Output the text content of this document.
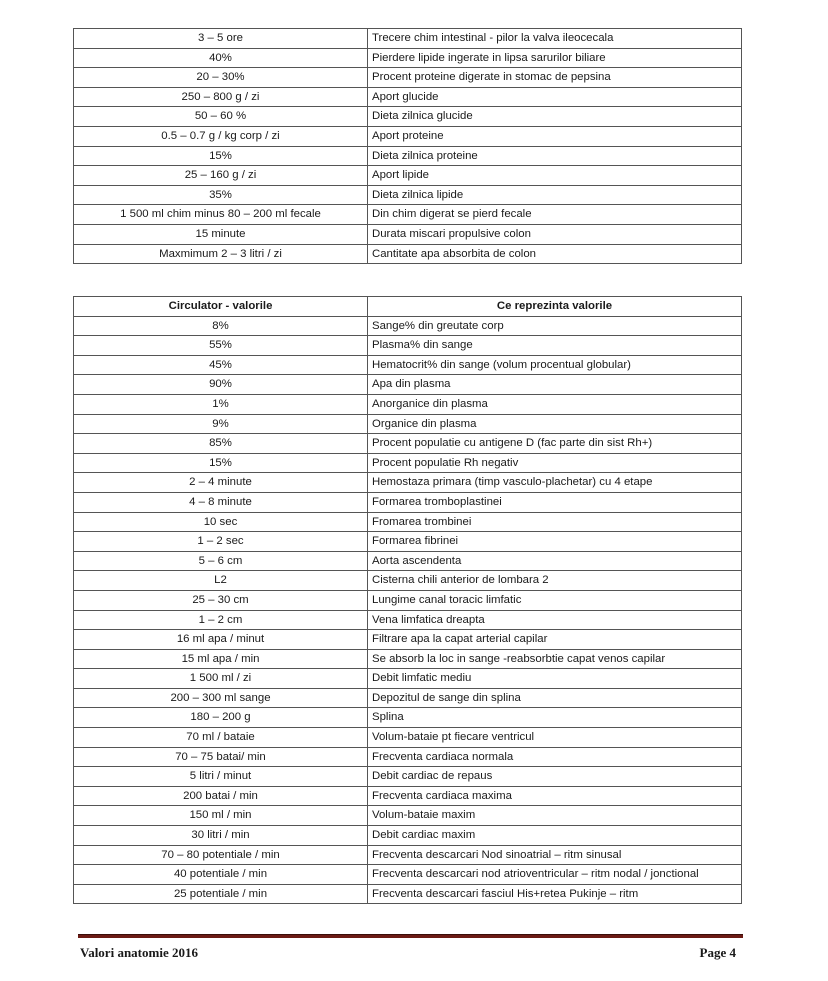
3 – 5 ore	Trecere chim intestinal - pilor la valva ileocecala
40%	Pierdere lipide ingerate in lipsa sarurilor biliare
20 – 30%	Procent proteine digerate in stomac de pepsina
250 – 800 g / zi	Aport glucide
50 – 60 %	Dieta zilnica glucide
0.5 – 0.7 g / kg corp / zi	Aport proteine
15%	Dieta zilnica proteine
25 – 160 g / zi	Aport lipide
35%	Dieta zilnica lipide
1 500 ml chim minus 80 – 200 ml fecale	Din chim digerat se pierd fecale
15 minute	Durata miscari propulsive colon
Maxmimum 2 – 3 litri / zi	Cantitate apa absorbita de colon
Circulator - valorile	Ce reprezinta valorile
8%	Sange% din greutate corp
55%	Plasma% din sange
45%	Hematocrit% din sange (volum procentual globular)
90%	Apa din plasma
1%	Anorganice din plasma
9%	Organice din plasma
85%	Procent populatie cu antigene D (fac parte din sist Rh+)
15%	Procent populatie Rh negativ
2 – 4 minute	Hemostaza primara (timp vasculo-plachetar) cu 4 etape
4 – 8 minute	Formarea tromboplastinei
10 sec	Fromarea trombinei
1 – 2 sec	Formarea fibrinei
5 – 6 cm	Aorta ascendenta
L2	Cisterna chili anterior de lombara 2
25 – 30 cm	Lungime canal toracic limfatic
1 – 2 cm	Vena limfatica dreapta
16 ml apa / minut	Filtrare apa la capat arterial capilar
15 ml apa / min	Se absorb la loc in sange -reabsorbtie capat venos capilar
1 500 ml / zi	Debit limfatic mediu
200 – 300 ml sange	Depozitul de sange din splina
180 – 200 g	Splina
70 ml / bataie	Volum-bataie pt fiecare ventricul
70 – 75 batai/ min	Frecventa cardiaca normala
5 litri / minut	Debit cardiac de repaus
200 batai / min	Frecventa cardiaca maxima
150 ml / min	Volum-bataie maxim
30 litri / min	Debit cardiac maxim
70 – 80 potentiale / min	Frecventa descarcari Nod sinoatrial – ritm sinusal
40 potentiale / min	Frecventa descarcari nod atrioventricular – ritm nodal / jonctional
25 potentiale / min	Frecventa descarcari fasciul His+retea Pukinje – ritm
Valori anatomie 2016	Page 4
